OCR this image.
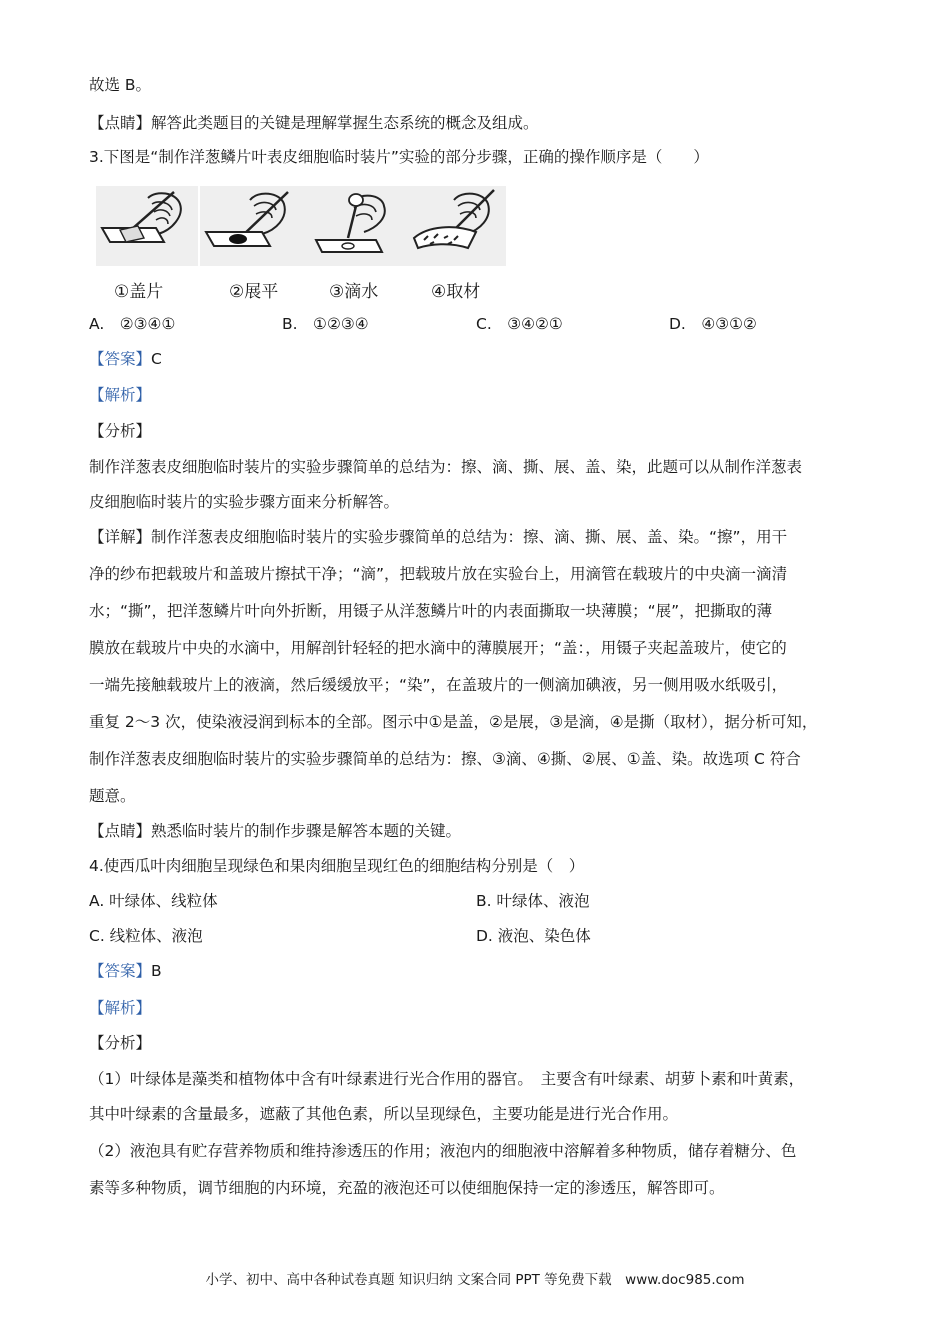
故选 B。
【点睛】解答此类题目的关键是理解掌握生态系统的概念及组成。
3.下图是“制作洋葱鳞片叶表皮细胞临时装片”实验的部分步骤，正确的操作顺序是（　　）
①盖片	②展平	③滴水	④取材
A.　②③④①	B.　①②③④	C.　③④②①	D.　④③①②
【答案】C
【解析】
【分析】
制作洋葱表皮细胞临时装片的实验步骤简单的总结为：擦、滴、撕、展、盖、染，此题可以从制作洋葱表
皮细胞临时装片的实验步骤方面来分析解答。
【详解】制作洋葱表皮细胞临时装片的实验步骤简单的总结为：擦、滴、撕、展、盖、染。“擦”，用干
净的纱布把载玻片和盖玻片擦拭干净；“滴”，把载玻片放在实验台上，用滴管在载玻片的中央滴一滴清
水；“撕”，把洋葱鳞片叶向外折断，用镊子从洋葱鳞片叶的内表面撕取一块薄膜；“展”，把撕取的薄
膜放在载玻片中央的水滴中，用解剖针轻轻的把水滴中的薄膜展开；“盖：，用镊子夹起盖玻片，使它的
一端先接触载玻片上的液滴，然后缓缓放平；“染”，在盖玻片的一侧滴加碘液，另一侧用吸水纸吸引，
重复 2～3 次，使染液浸润到标本的全部。图示中①是盖，②是展，③是滴，④是撕（取材），据分析可知，
制作洋葱表皮细胞临时装片的实验步骤简单的总结为：擦、③滴、④撕、②展、①盖、染。故选项 C 符合
题意。
【点睛】熟悉临时装片的制作步骤是解答本题的关键。
4.使西瓜叶肉细胞呈现绿色和果肉细胞呈现红色的细胞结构分别是（　）
A. 叶绿体、线粒体	B. 叶绿体、液泡
C. 线粒体、液泡	D. 液泡、染色体
【答案】B
【解析】
【分析】
（1）叶绿体是藻类和植物体中含有叶绿素进行光合作用的器官。　主要含有叶绿素、胡萝卜素和叶黄素，
其中叶绿素的含量最多，遮蔽了其他色素，所以呈现绿色，主要功能是进行光合作用。
（2）液泡具有贮存营养物质和维持渗透压的作用；液泡内的细胞液中溶解着多种物质，储存着糖分、色
素等多种物质，调节细胞的内环境，充盈的液泡还可以使细胞保持一定的渗透压，解答即可。
小学、初中、高中各种试卷真题 知识归纳 文案合同 PPT 等免费下载　www.doc985.com
